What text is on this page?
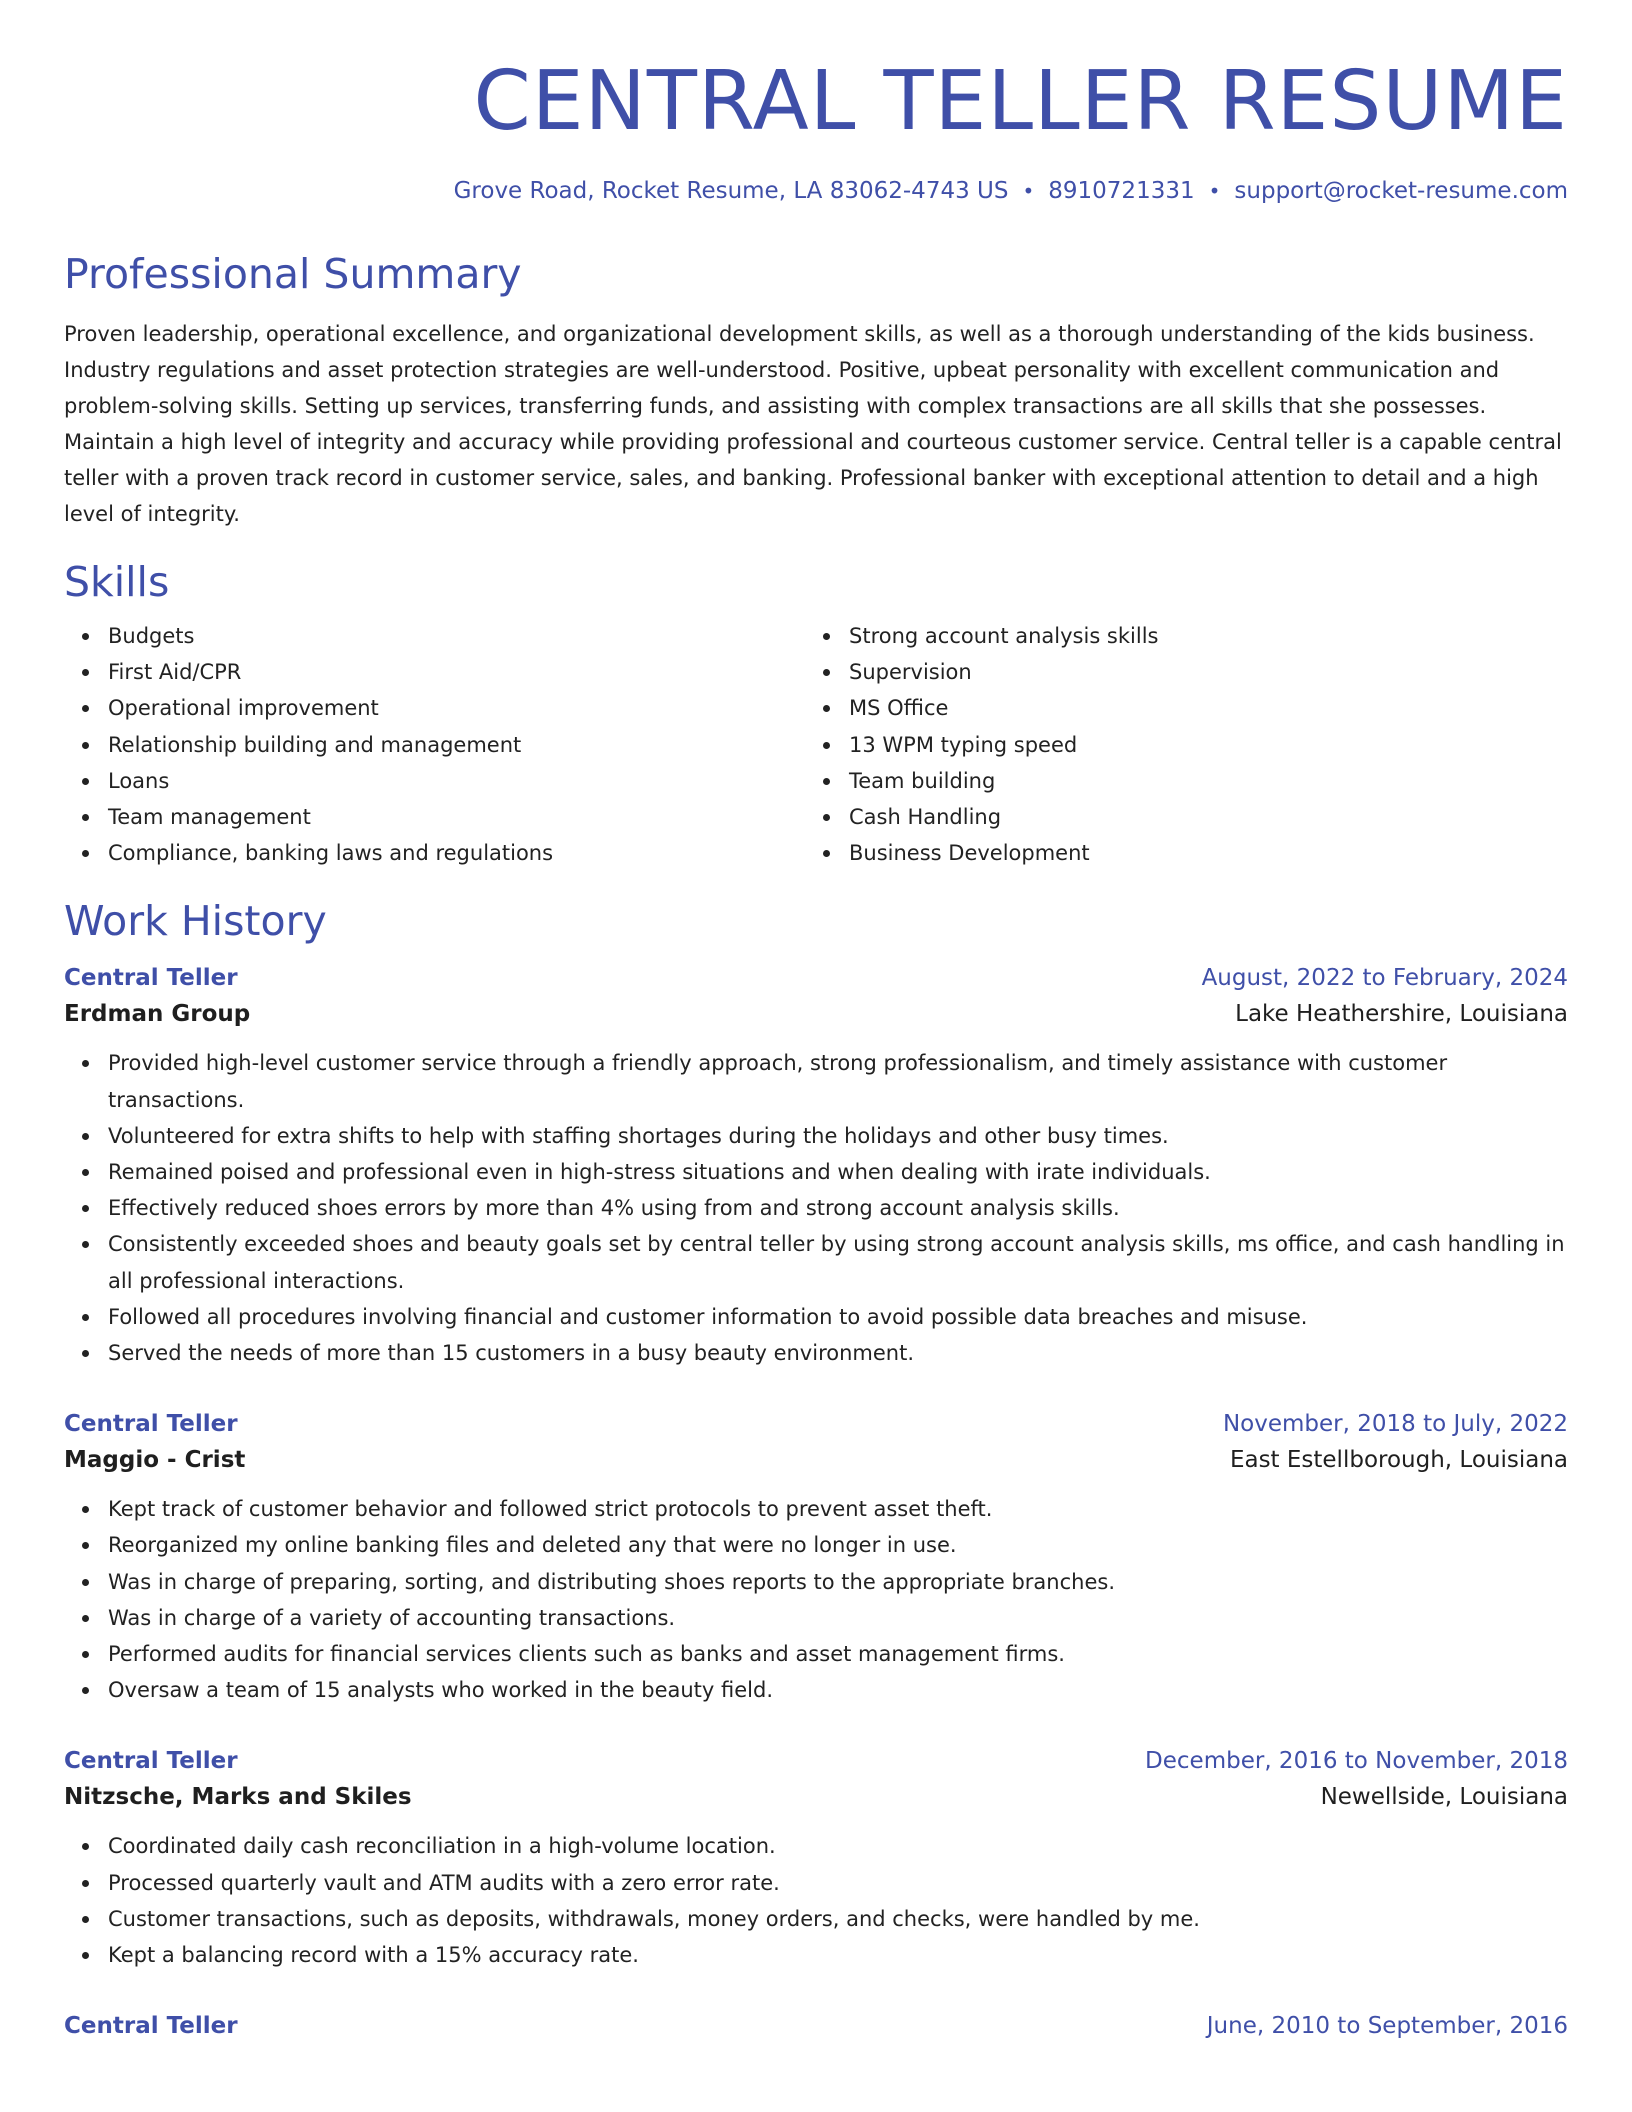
CENTRAL TELLER RESUME
Grove Road, Rocket Resume, LA 83062-4743 US • 8910721331 • support@rocket-resume.com
Professional Summary

Proven leadership, operational excellence, and organizational development skills, as well as a thorough understanding of the kids business. Industry regulations and asset protection strategies are well-understood. Positive, upbeat personality with excellent communication and problem-solving skills. Setting up services, transferring funds, and assisting with complex transactions are all skills that she possesses. Maintain a high level of integrity and accuracy while providing professional and courteous customer service. Central teller is a capable central teller with a proven track record in customer service, sales, and banking. Professional banker with exceptional attention to detail and a high level of integrity.

Skills
Budgets
First Aid/CPR
Operational improvement
Relationship building and management
Loans
Team management
Compliance, banking laws and regulations
Strong account analysis skills
Supervision
MS Office
13 WPM typing speed
Team building
Cash Handling
Business Development
Work History
Central Teller	August, 2022 to February, 2024
Erdman Group	Lake Heathershire, Louisiana
Provided high-level customer service through a friendly approach, strong professionalism, and timely assistance with customer transactions.
Volunteered for extra shifts to help with staffing shortages during the holidays and other busy times.
Remained poised and professional even in high-stress situations and when dealing with irate individuals.
Effectively reduced shoes errors by more than 4% using from and strong account analysis skills.
Consistently exceeded shoes and beauty goals set by central teller by using strong account analysis skills, ms office, and cash handling in all professional interactions.
Followed all procedures involving financial and customer information to avoid possible data breaches and misuse.
Served the needs of more than 15 customers in a busy beauty environment.
Central Teller	November, 2018 to July, 2022
Maggio - Crist	East Estellborough, Louisiana
Kept track of customer behavior and followed strict protocols to prevent asset theft.
Reorganized my online banking files and deleted any that were no longer in use.
Was in charge of preparing, sorting, and distributing shoes reports to the appropriate branches.
Was in charge of a variety of accounting transactions.
Performed audits for financial services clients such as banks and asset management firms.
Oversaw a team of 15 analysts who worked in the beauty field.
Central Teller	December, 2016 to November, 2018
Nitzsche, Marks and Skiles	Newellside, Louisiana
Coordinated daily cash reconciliation in a high-volume location.
Processed quarterly vault and ATM audits with a zero error rate.
Customer transactions, such as deposits, withdrawals, money orders, and checks, were handled by me.
Kept a balancing record with a 15% accuracy rate.
Central Teller	June, 2010 to September, 2016
